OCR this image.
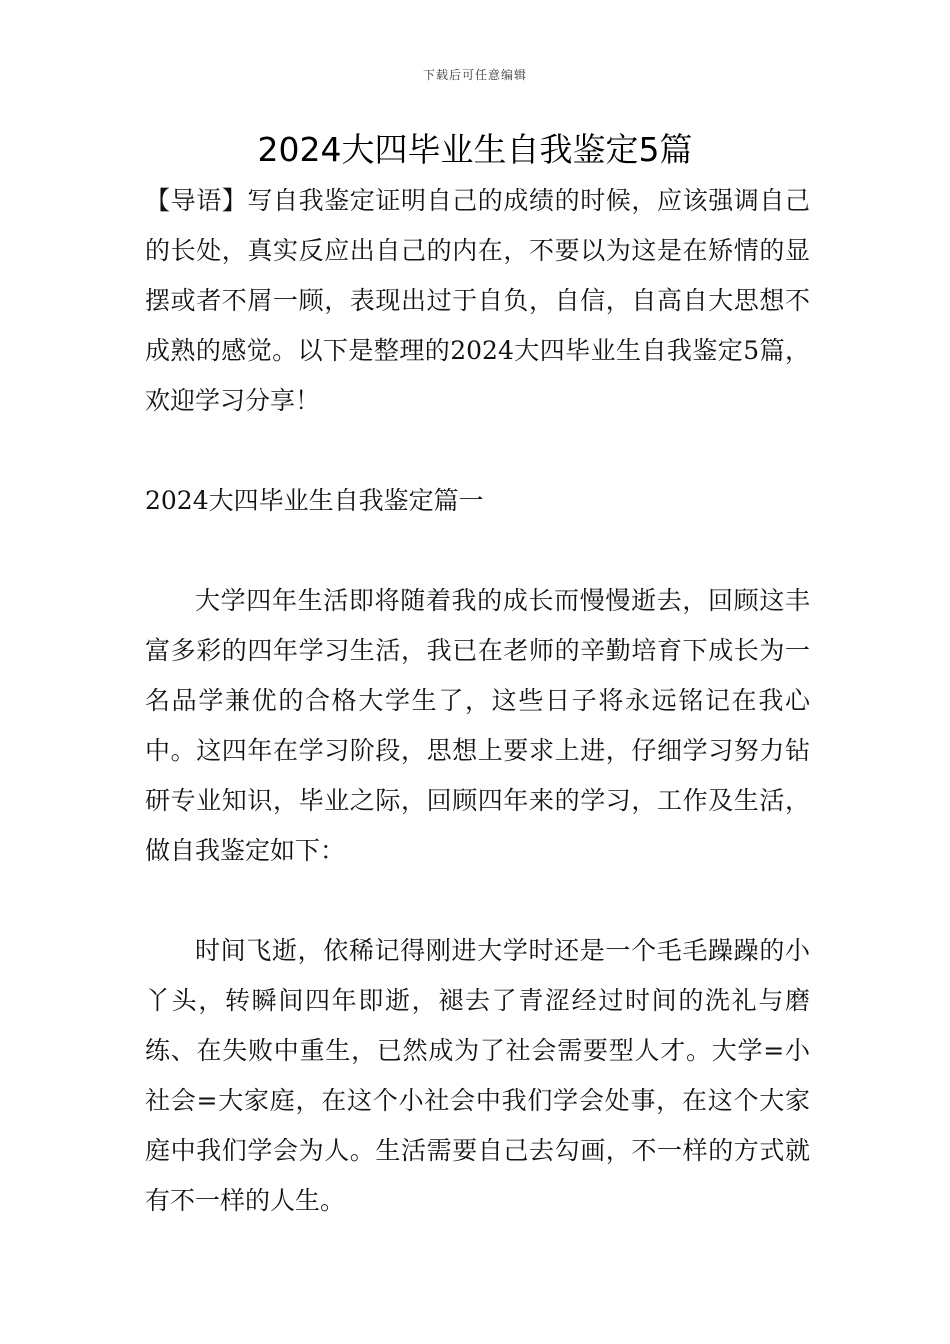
下载后可任意编辑
2024大四毕业生自我鉴定5篇

【导语】写自我鉴定证明自己的成绩的时候，应该强调自己的长处，真实反应出自己的内在，不要以为这是在矫情的显摆或者不屑一顾，表现出过于自负，自信，自高自大思想不成熟的感觉。以下是整理的2024大四毕业生自我鉴定5篇，欢迎学习分享！

2024大四毕业生自我鉴定篇一

大学四年生活即将随着我的成长而慢慢逝去，回顾这丰富多彩的四年学习生活，我已在老师的辛勤培育下成长为一名品学兼优的合格大学生了，这些日子将永远铭记在我心中。这四年在学习阶段，思想上要求上进，仔细学习努力钻研专业知识，毕业之际，回顾四年来的学习，工作及生活，做自我鉴定如下：

时间飞逝，依稀记得刚进大学时还是一个毛毛躁躁的小丫头，转瞬间四年即逝，褪去了青涩经过时间的洗礼与磨练、在失败中重生，已然成为了社会需要型人才。大学=小社会=大家庭，在这个小社会中我们学会处事，在这个大家庭中我们学会为人。生活需要自己去勾画，不一样的方式就有不一样的人生。
